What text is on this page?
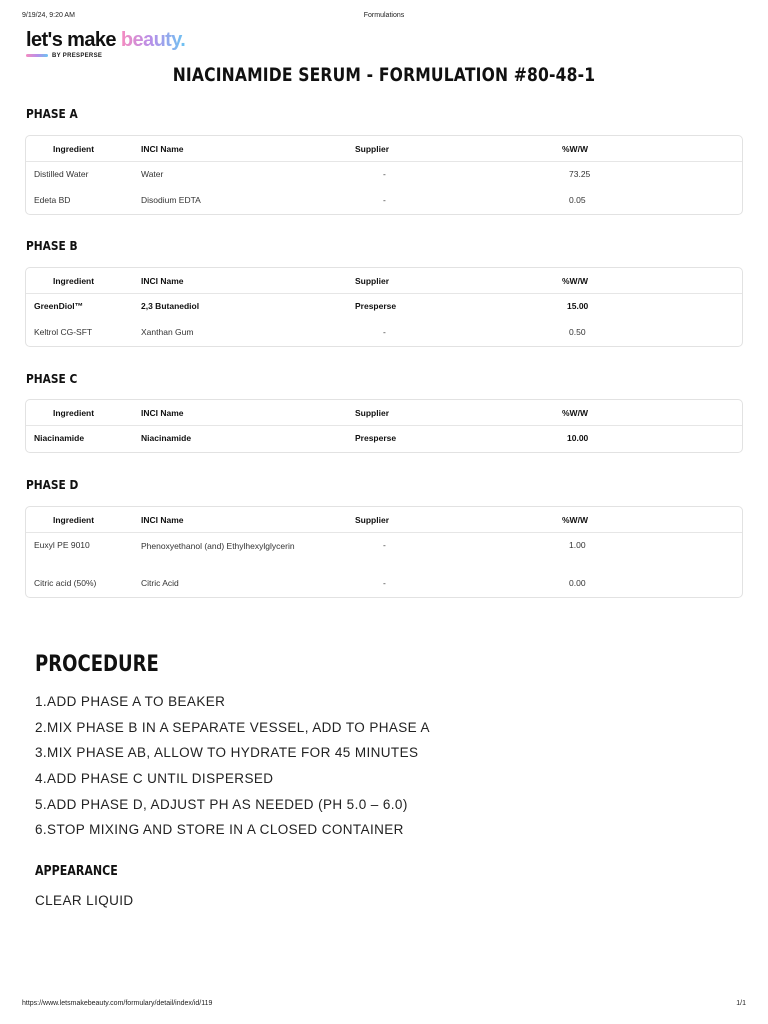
9/19/24, 9:20 AM	Formulations
let's make beauty.
BY PRESPERSE
NIACINAMIDE SERUM - FORMULATION #80-48-1
PHASE A
Ingredient	INCI Name	Supplier	%W/W
Distilled Water	Water	-	73.25
Edeta BD	Disodium EDTA	-	0.05
PHASE B
Ingredient	INCI Name	Supplier	%W/W
GreenDiol™	2,3 Butanediol	Presperse	15.00
Keltrol CG-SFT	Xanthan Gum	-	0.50
PHASE C
Ingredient	INCI Name	Supplier	%W/W
Niacinamide	Niacinamide	Presperse	10.00
PHASE D
Ingredient	INCI Name	Supplier	%W/W
Euxyl PE 9010	Phenoxyethanol (and) Ethylhexylglycerin	-	1.00
Citric acid (50%)	Citric Acid	-	0.00
PROCEDURE
1.ADD PHASE A TO BEAKER
2.MIX PHASE B IN A SEPARATE VESSEL, ADD TO PHASE A
3.MIX PHASE AB, ALLOW TO HYDRATE FOR 45 MINUTES
4.ADD PHASE C UNTIL DISPERSED
5.ADD PHASE D, ADJUST PH AS NEEDED (PH 5.0 – 6.0)
6.STOP MIXING AND STORE IN A CLOSED CONTAINER
APPEARANCE
CLEAR LIQUID
https://www.letsmakebeauty.com/formulary/detail/index/id/119	1/1
